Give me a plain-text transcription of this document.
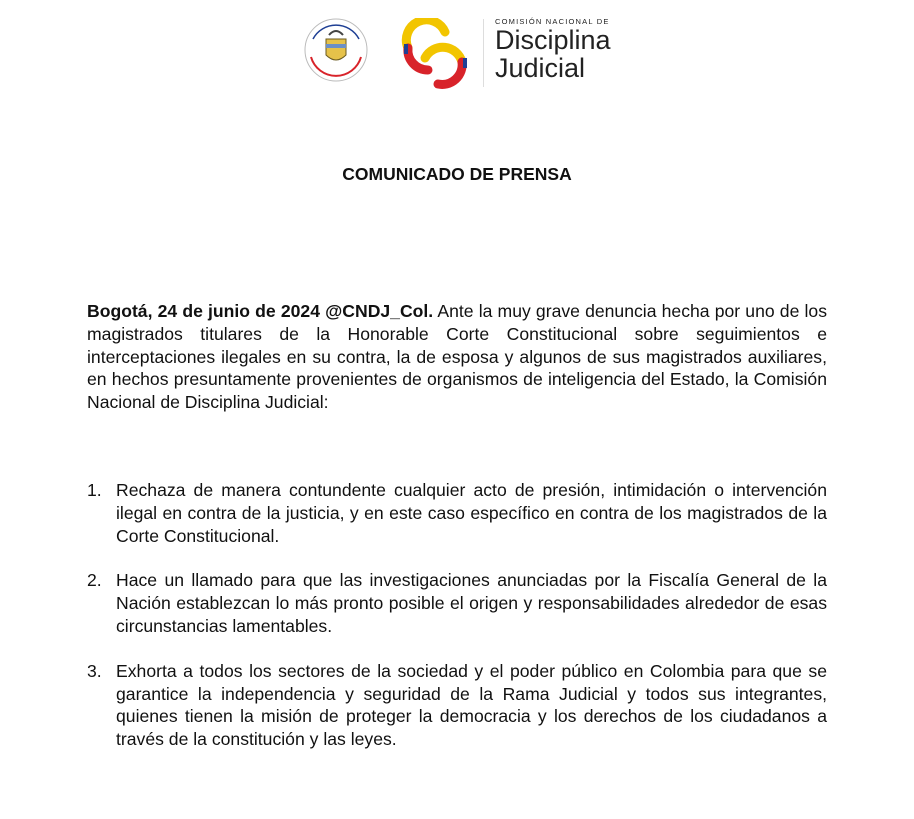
COMISIÓN NACIONAL DE
Disciplina
Judicial
COMUNICADO DE PRENSA

Bogotá, 24 de junio de 2024 @CNDJ_Col. Ante la muy grave denuncia hecha por uno de los magistrados titulares de la Honorable Corte Constitucional sobre seguimientos e interceptaciones ilegales en su contra, la de esposa y algunos de sus magistrados auxiliares, en hechos presuntamente provenientes de organismos de inteligencia del Estado, la Comisión Nacional de Disciplina Judicial:

1. Rechaza de manera contundente cualquier acto de presión, intimidación o intervención ilegal en contra de la justicia, y en este caso específico en contra de los magistrados de la Corte Constitucional.
2. Hace un llamado para que las investigaciones anunciadas por la Fiscalía General de la Nación establezcan lo más pronto posible el origen y responsabilidades alrededor de esas circunstancias lamentables.
3. Exhorta a todos los sectores de la sociedad y el poder público en Colombia para que se garantice la independencia y seguridad de la Rama Judicial y todos sus integrantes, quienes tienen la misión de proteger la democracia y los derechos de los ciudadanos a través de la constitución y las leyes.
